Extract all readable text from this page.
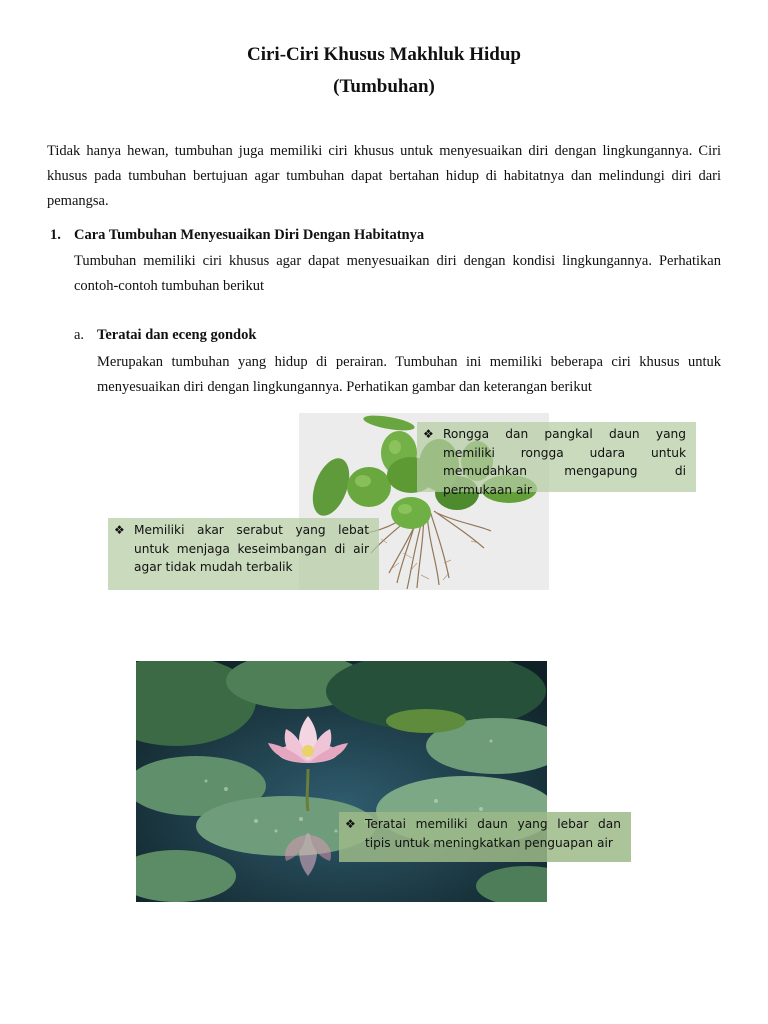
Ciri-Ciri Khusus Makhluk Hidup
(Tumbuhan)

Tidak hanya hewan, tumbuhan juga memiliki ciri khusus untuk menyesuaikan diri dengan lingkungannya. Ciri khusus pada tumbuhan bertujuan agar tumbuhan dapat bertahan hidup di habitatnya dan melindungi diri dari pemangsa.

1. Cara Tumbuhan Menyesuaikan Diri Dengan Habitatnya

Tumbuhan memiliki ciri khusus agar dapat menyesuaikan diri dengan kondisi lingkungannya. Perhatikan contoh-contoh tumbuhan berikut

a. Teratai dan eceng gondok

Merupakan tumbuhan yang hidup di perairan. Tumbuhan ini memiliki beberapa ciri khusus untuk menyesuaikan diri dengan lingkungannya. Perhatikan gambar dan keterangan berikut

❖ Rongga dan pangkal daun yang memiliki rongga udara untuk memudahkan mengapung di permukaan air
❖ Memiliki akar serabut yang lebat untuk menjaga keseimbangan di air agar tidak mudah terbalik
❖ Teratai memiliki daun yang lebar dan tipis untuk meningkatkan penguapan air
